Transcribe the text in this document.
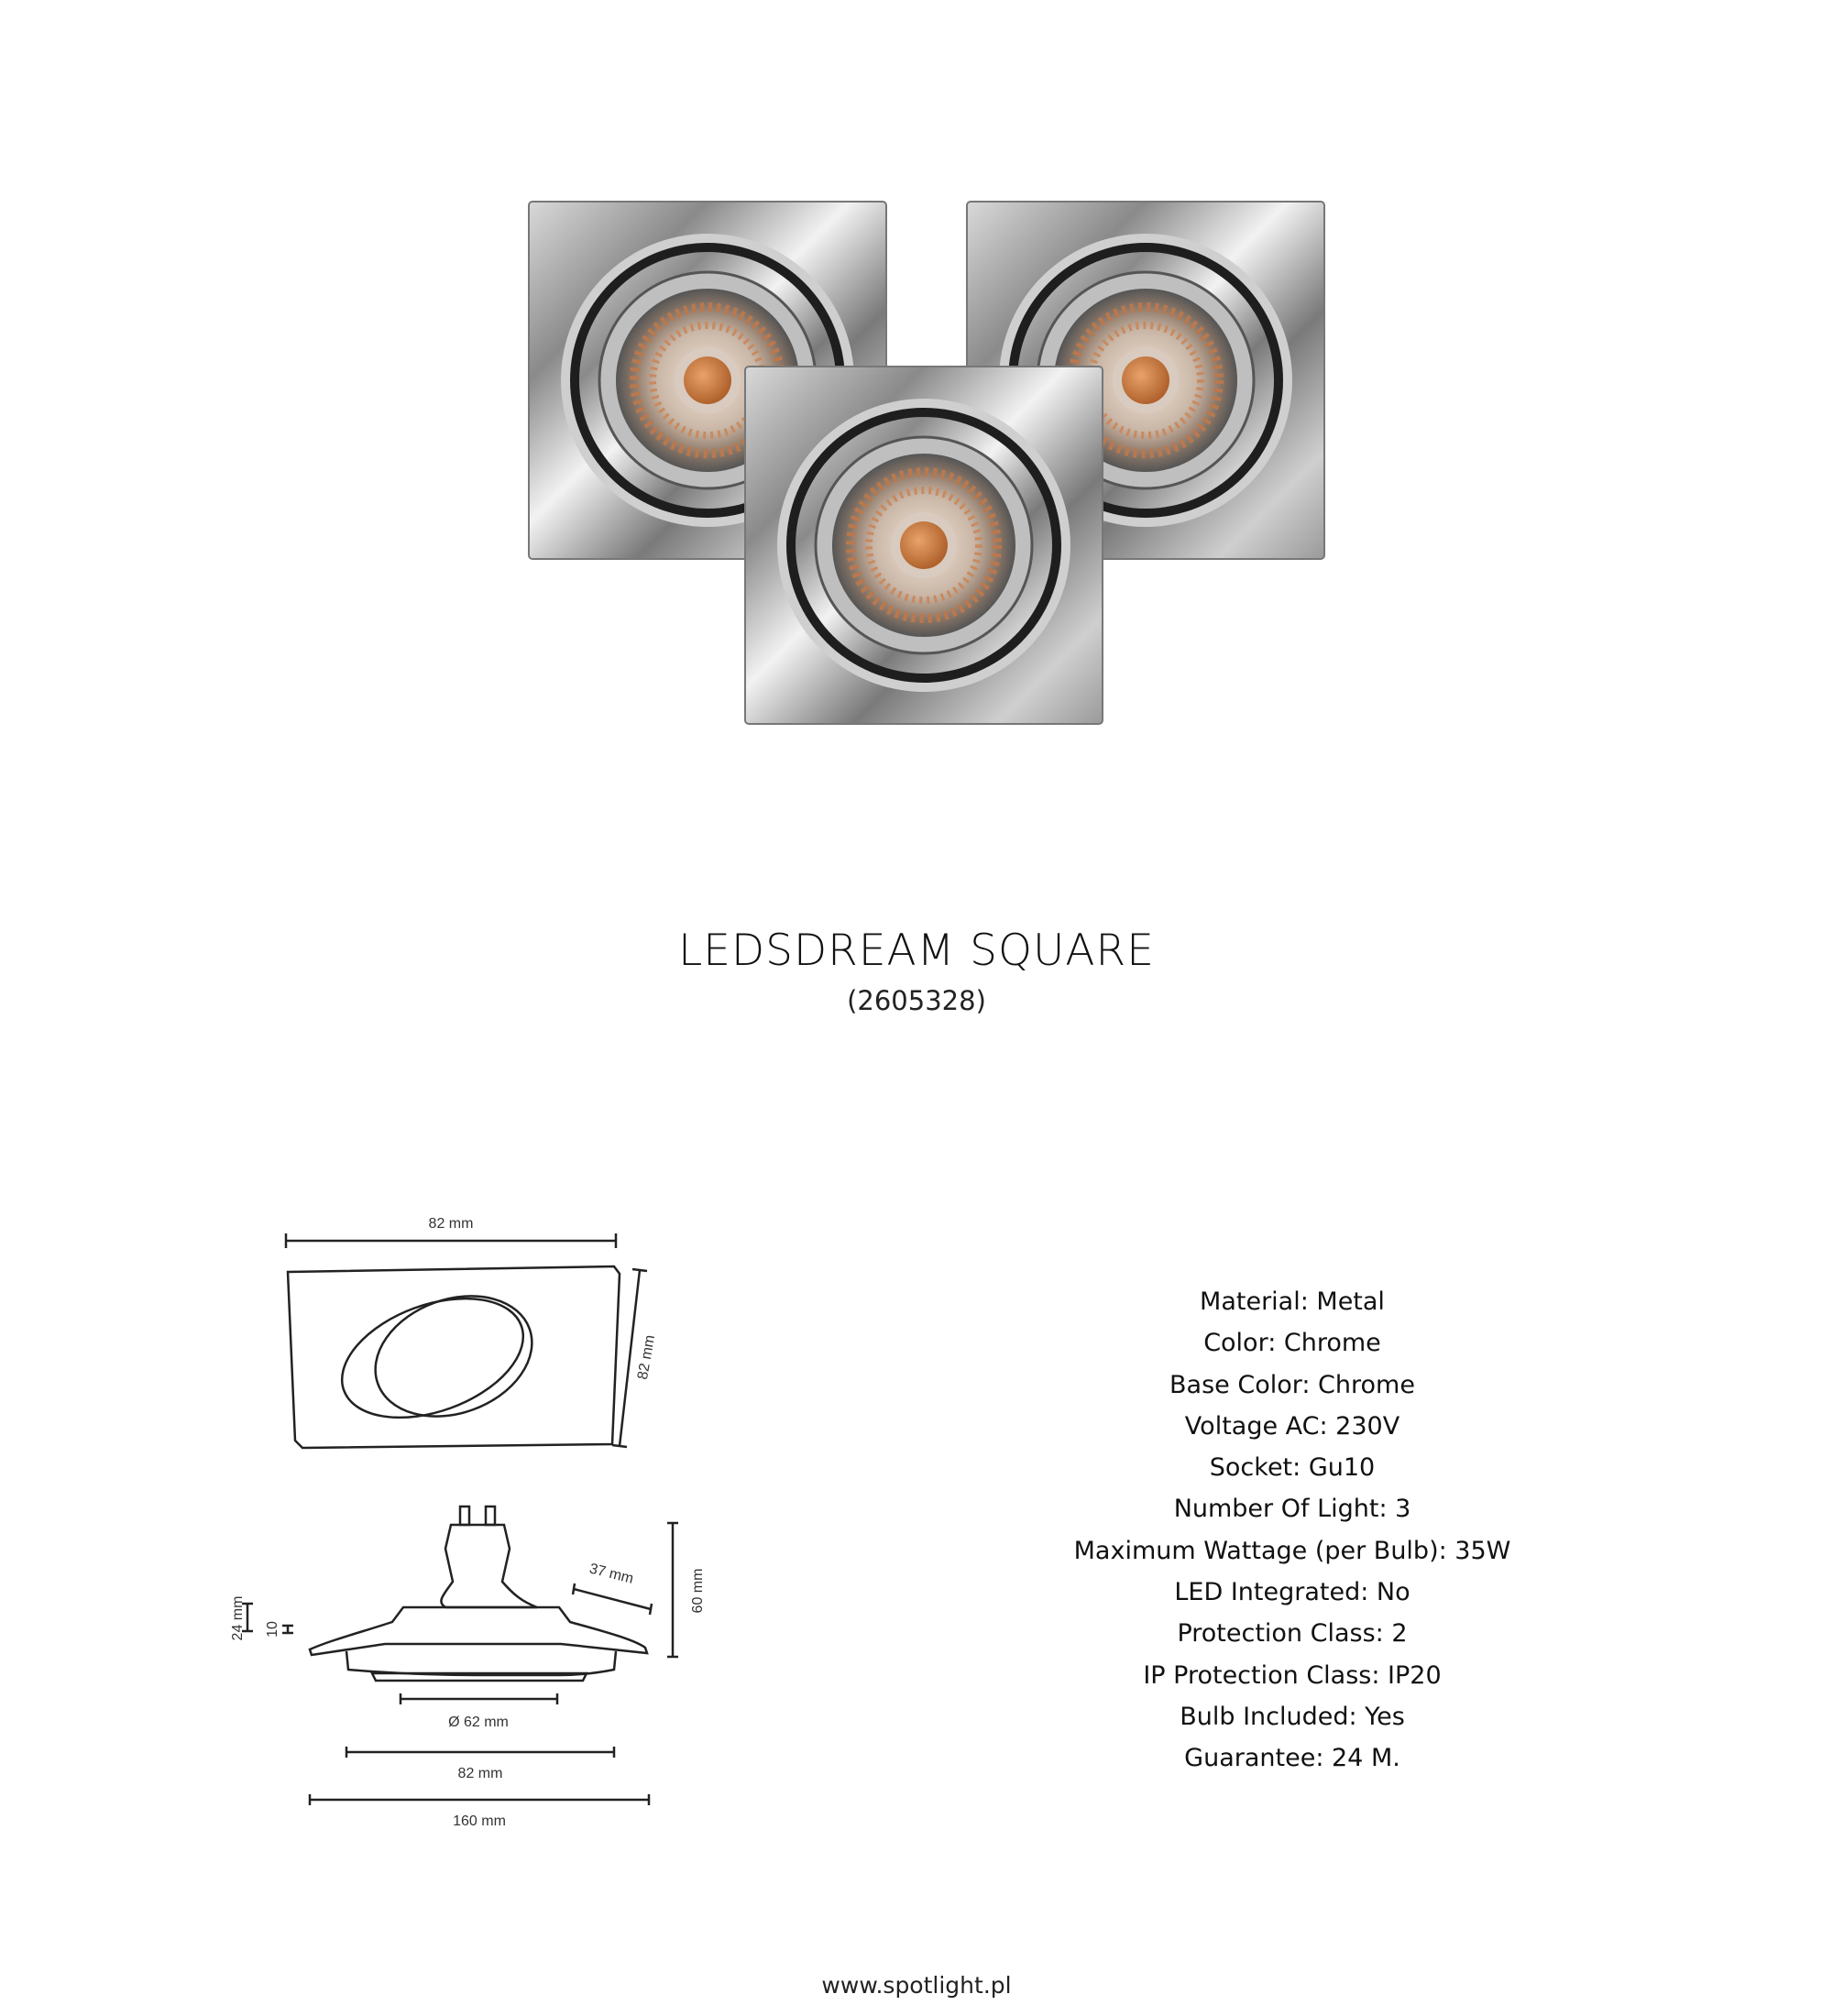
LEDSDREAM SQUARE
(2605328)
82 mm
82 mm
24 mm 10
37 mm	60 mm
Ø 62 mm
82 mm
160 mm
Material: Metal
Color: Chrome
Base Color: Chrome
Voltage AC: 230V
Socket: Gu10
Number Of Light: 3
Maximum Wattage (per Bulb): 35W
LED Integrated: No
Protection Class: 2
IP Protection Class: IP20
Bulb Included: Yes
Guarantee: 24 M.
www.spotlight.pl
